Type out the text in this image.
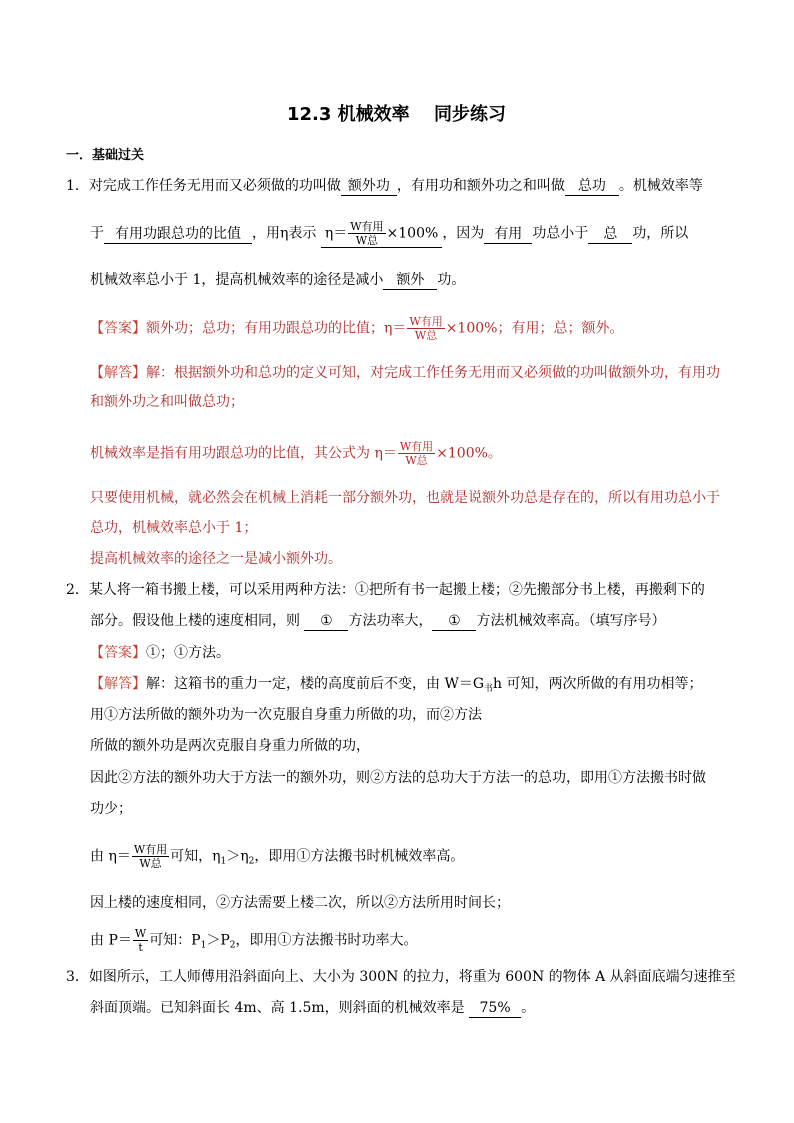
12.3 机械效率　 同步练习
一．基础过关
1．对完成工作任务无用而又必须做的功叫做 额外功 ，有用功和额外功之和叫做 总功 。机械效率等
于 有用功跟总功的比值 ，用η表示 $\eta= \frac{\text{W有用}}{\text{W总}} \times 100\%$ ，因为 有用 功总小于 总 功，所以
机械效率总小于 1，提高机械效率的途径是减小 额外 功。
【答案】额外功；总功；有用功跟总功的比值；$\eta= \frac{\text{W有用}}{\text{W总}} \times 100\%$；有用；总；额外。
【解答】解：根据额外功和总功的定义可知，对完成工作任务无用而又必须做的功叫做额外功，有用功
和额外功之和叫做总功；
机械效率是指有用功跟总功的比值，其公式为 $\eta= \frac{\text{W有用}}{\text{W总}} \times 100\%$。
只要使用机械，就必然会在机械上消耗一部分额外功，也就是说额外功总是存在的，所以有用功总小于
总功，机械效率总小于 1；
提高机械效率的途径之一是减小额外功。
2．某人将一箱书搬上楼，可以采用两种方法：①把所有书一起搬上楼；②先搬部分书上楼，再搬剩下的
部分。假设他上楼的速度相同，则 ① 方法功率大， ① 方法机械效率高。（填写序号）
【答案】①；①方法。
【解答】解：这箱书的重力一定，楼的高度前后不变，由 $W=G_书h$ 可知，两次所做的有用功相等；
用①方法所做的额外功为一次克服自身重力所做的功，而②方法
所做的额外功是两次克服自身重力所做的功，
因此②方法的额外功大于方法一的额外功，则②方法的总功大于方法一的总功，即用①方法搬书时做
功少；
由 $\eta= \frac{\text{W有用}}{\text{W总}}$ 可知，$\eta_1>\eta_2$，即用①方法搬书时机械效率高。
因上楼的速度相同，②方法需要上楼二次，所以②方法所用时间长；
由 $P= \frac{W}{t}$ 可知：$P_1>P_2$，即用①方法搬书时功率大。
3．如图所示，工人师傅用沿斜面向上、大小为 300N 的拉力，将重为 600N 的物体 A 从斜面底端匀速推至
斜面顶端。已知斜面长 4m、高 1.5m，则斜面的机械效率是 75% 。
